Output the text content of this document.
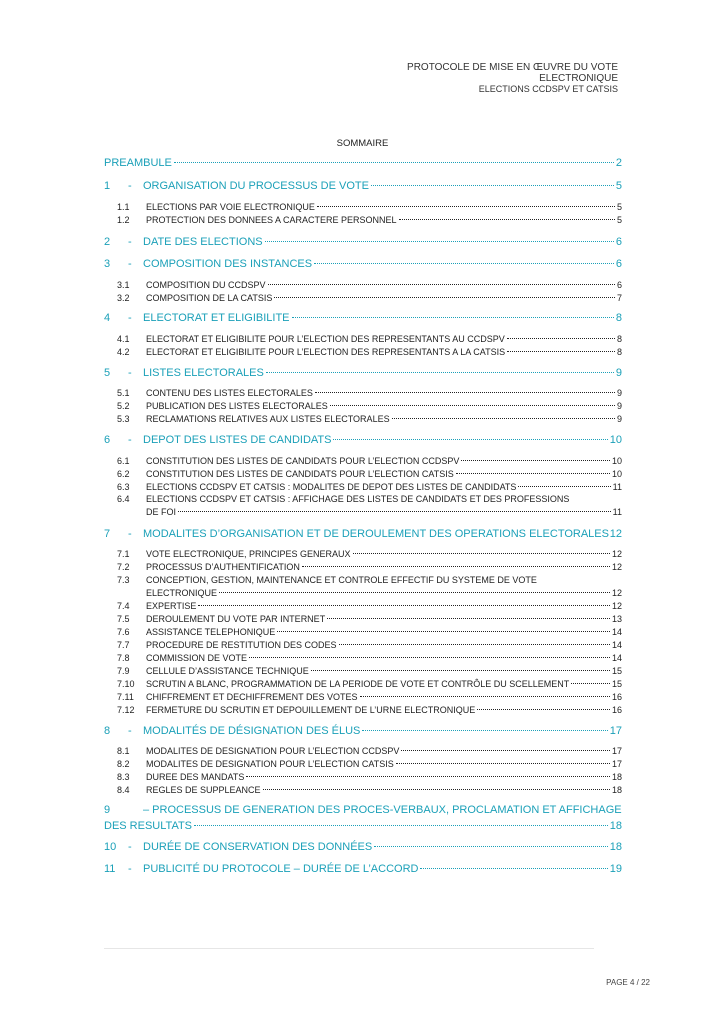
PROTOCOLE DE MISE EN ŒUVRE DU VOTE
ELECTRONIQUE
ELECTIONS CCDSPV ET CATSIS
SOMMAIRE
PREAMBULE	2
1	-	ORGANISATION DU PROCESSUS DE VOTE	5
1.1	ELECTIONS PAR VOIE ELECTRONIQUE	5
1.2	PROTECTION DES DONNEES A CARACTERE PERSONNEL	5
2	-	DATE DES ELECTIONS	6
3	-	COMPOSITION DES INSTANCES	6
3.1	COMPOSITION DU CCDSPV	6
3.2	COMPOSITION DE LA CATSIS	7
4	-	ELECTORAT ET ELIGIBILITE	8
4.1	ELECTORAT ET ELIGIBILITE POUR L’ELECTION DES REPRESENTANTS AU CCDSPV	8
4.2	ELECTORAT ET ELIGIBILITE POUR L’ELECTION DES REPRESENTANTS A LA CATSIS	8
5	-	LISTES ELECTORALES	9
5.1	CONTENU DES LISTES ELECTORALES	9
5.2	PUBLICATION DES LISTES ELECTORALES	9
5.3	RECLAMATIONS RELATIVES AUX LISTES ELECTORALES	9
6	-	DEPOT DES LISTES DE CANDIDATS	10
6.1	CONSTITUTION DES LISTES DE CANDIDATS POUR L’ELECTION CCDSPV	10
6.2	CONSTITUTION DES LISTES DE CANDIDATS POUR L’ELECTION CATSIS	10
6.3	ELECTIONS CCDSPV ET CATSIS : MODALITES DE DEPOT DES LISTES DE CANDIDATS	11
6.4	ELECTIONS CCDSPV ET CATSIS : AFFICHAGE DES LISTES DE CANDIDATS ET DES PROFESSIONS
DE FOI	11
7	-	MODALITES D’ORGANISATION ET DE DEROULEMENT DES OPERATIONS ELECTORALES 12
7.1	VOTE ELECTRONIQUE, PRINCIPES GENERAUX	12
7.2	PROCESSUS D’AUTHENTIFICATION	12
7.3	CONCEPTION, GESTION, MAINTENANCE ET CONTROLE EFFECTIF DU SYSTEME DE VOTE
ELECTRONIQUE	12
7.4	EXPERTISE	12
7.5	DEROULEMENT DU VOTE PAR INTERNET	13
7.6	ASSISTANCE TELEPHONIQUE	14
7.7	PROCEDURE DE RESTITUTION DES CODES	14
7.8	COMMISSION DE VOTE	14
7.9	CELLULE D’ASSISTANCE TECHNIQUE	15
7.10	SCRUTIN A BLANC, PROGRAMMATION DE LA PERIODE DE VOTE ET CONTRÔLE DU SCELLEMENT	15
7.11	CHIFFREMENT ET DECHIFFREMENT DES VOTES	16
7.12	FERMETURE DU SCRUTIN ET DEPOUILLEMENT DE L’URNE ELECTRONIQUE	16
8	-	MODALITÉS DE DÉSIGNATION DES ÉLUS	17
8.1	MODALITES DE DESIGNATION POUR L’ELECTION CCDSPV	17
8.2	MODALITES DE DESIGNATION POUR L’ELECTION CATSIS	17
8.3	DUREE DES MANDATS	18
8.4	REGLES DE SUPPLEANCE	18
9	– PROCESSUS DE GENERATION DES PROCES-VERBAUX, PROCLAMATION ET AFFICHAGE
DES RESULTATS	18
10	-	DURÉE DE CONSERVATION DES DONNÉES	18
11	-	PUBLICITÉ DU PROTOCOLE – DURÉE DE L’ACCORD	19
PAGE 4 / 22
